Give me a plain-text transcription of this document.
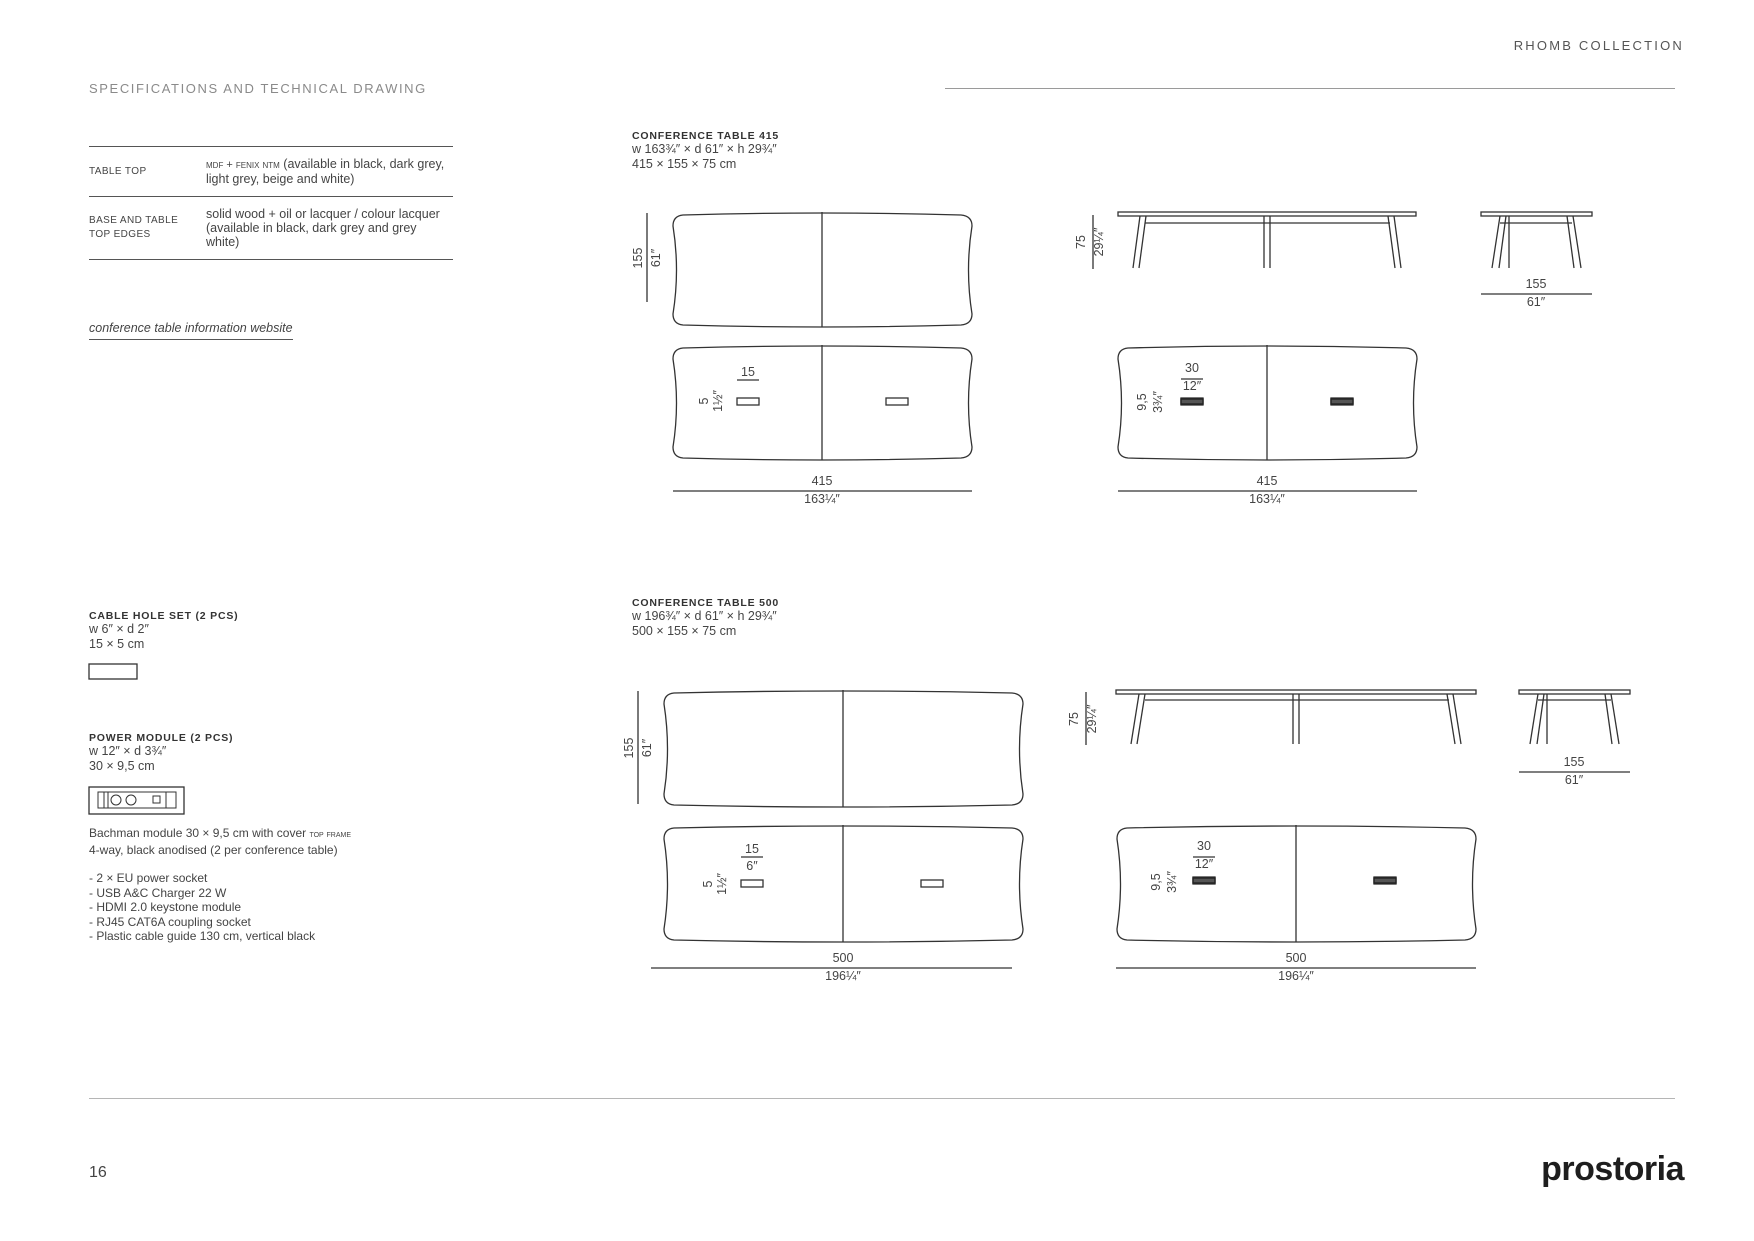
RHOMB COLLECTION
SPECIFICATIONS AND TECHNICAL DRAWING
TABLE TOP	mdf + fenix ntm (available in black, dark grey, light grey, beige and white)
BASE AND TABLE
TOP EDGES	solid wood + oil or lacquer / colour lacquer (available in black, dark grey and grey white)
conference table information website
CABLE HOLE SET (2 PCS)
w 6″ × d 2″
15 × 5 cm
POWER MODULE (2 PCS)
w 12″ × d 3¾″
30 × 9,5 cm
Bachman module 30 × 9,5 cm with cover top frame
4-way, black anodised (2 per conference table)
- 2 × EU power socket
- USB A&C Charger 22 W
- HDMI 2.0 keystone module
- RJ45 CAT6A coupling socket
- Plastic cable guide 130 cm, vertical black
CONFERENCE TABLE 415
w 163¾″ × d 61″ × h 29¾″
415 × 155 × 75 cm
CONFERENCE TABLE 500
w 196¾″ × d 61″ × h 29¾″
500 × 155 × 75 cm
155 61″
75 29¼″
155
61″
15
5 1½″
415
163¼″
30
12″
9,5 3¾″
415
163¼″
155 61″
75 29¼″
155
61″
15
6″
5 1½″
500
196¼″
30
12″
9,5 3¾″
500
196¼″
16	prostoria
